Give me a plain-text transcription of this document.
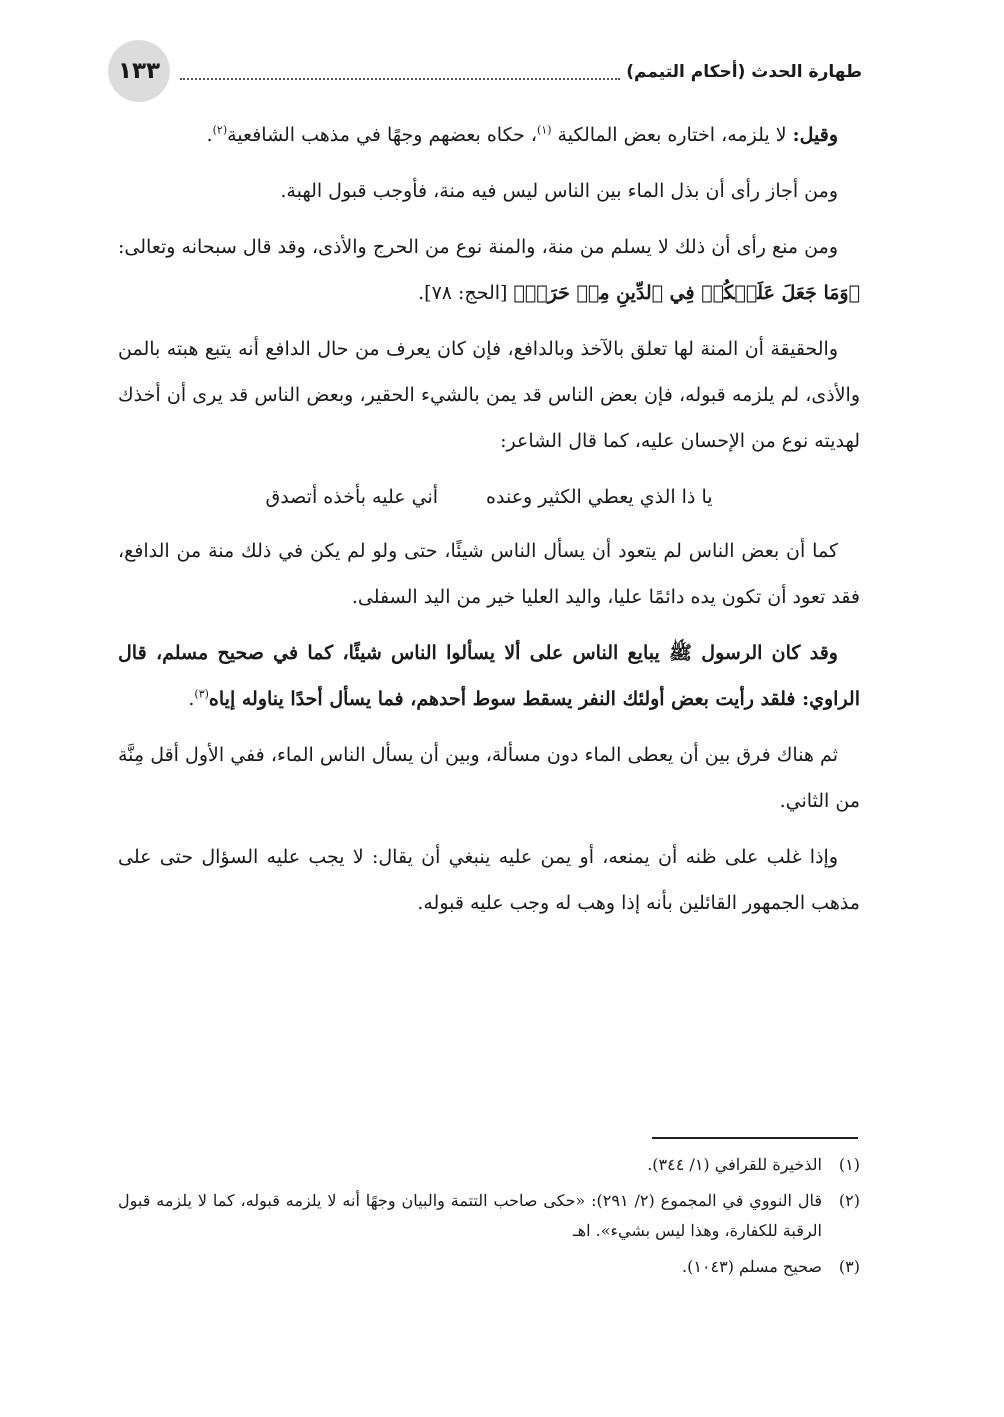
١٣٣	طهارة الحدث (أحكام التيمم)

وقيل: لا يلزمه، اختاره بعض المالكية $^{(١)}$، حكاه بعضهم وجهًا في مذهب الشافعية$^{(٢)}$.

ومن أجاز رأى أن بذل الماء بين الناس ليس فيه منة، فأوجب قبول الهبة.

ومن منع رأى أن ذلك لا يسلم من منة، والمنة نوع من الحرج والأذى، وقد قال سبحانه وتعالى: ﴿وَمَا جَعَلَ عَلَيۡكُمۡ فِي ٱلدِّينِ مِنۡ حَرَجٖ﴾ [الحج: ٧٨].

والحقيقة أن المنة لها تعلق بالآخذ وبالدافع، فإن كان يعرف من حال الدافع أنه يتبع هبته بالمن والأذى، لم يلزمه قبوله، فإن بعض الناس قد يمن بالشيء الحقير، وبعض الناس قد يرى أن أخذك لهديته نوع من الإحسان عليه، كما قال الشاعر:

يا ذا الذي يعطي الكثير وعنده
أني عليه بأخذه أتصدق

كما أن بعض الناس لم يتعود أن يسأل الناس شيئًا، حتى ولو لم يكن في ذلك منة من الدافع، فقد تعود أن تكون يده دائمًا عليا، واليد العليا خير من اليد السفلى.

وقد كان الرسول ﷺ يبايع الناس على ألا يسألوا الناس شيئًا، كما في صحيح مسلم، قال الراوي: فلقد رأيت بعض أولئك النفر يسقط سوط أحدهم، فما يسأل أحدًا يناوله إياه$^{(٣)}$.

ثم هناك فرق بين أن يعطى الماء دون مسألة، وبين أن يسأل الناس الماء، ففي الأول أقل مِنَّة من الثاني.

وإذا غلب على ظنه أن يمنعه، أو يمن عليه ينبغي أن يقال: لا يجب عليه السؤال حتى على مذهب الجمهور القائلين بأنه إذا وهب له وجب عليه قبوله.

(١)
الذخيرة للقرافي (١/ ٣٤٤).
(٢)
قال النووي في المجموع (٢/ ٢٩١): «حكى صاحب التتمة والبيان وجهًا أنه لا يلزمه قبوله، كما لا يلزمه قبول الرقبة للكفارة، وهذا ليس بشيء». اهـ
(٣)
صحيح مسلم (١٠٤٣).
